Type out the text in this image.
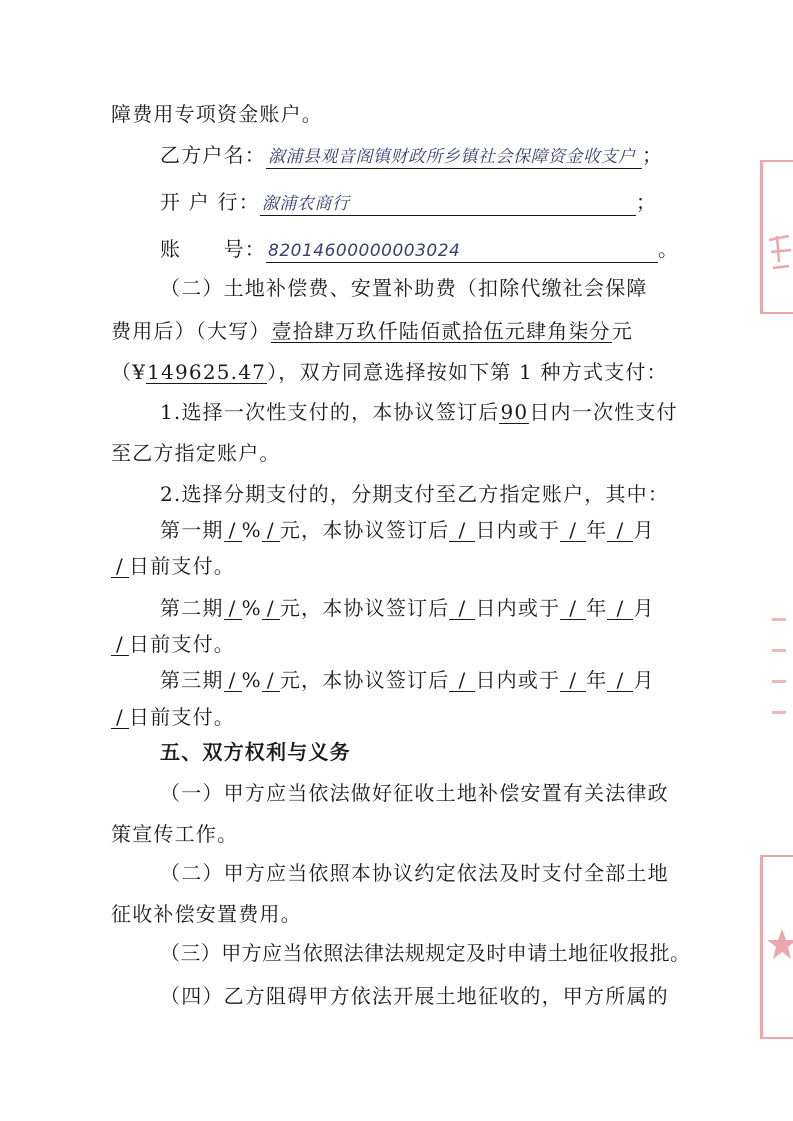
障费用专项资金账户。
乙方户名： 溆浦县观音阁镇财政所乡镇社会保障资金收支户 ；
开 户 行： 溆浦农商行	；
账　　号： 82014600000003024	。
（二）土地补偿费、安置补助费（扣除代缴社会保障
费用后）（大写）壹拾肆万玖仟陆佰贰拾伍元肆角柒分元
（¥149625.47），双方同意选择按如下第 1 种方式支付：
1.选择一次性支付的，本协议签订后90日内一次性支付
至乙方指定账户。
2.选择分期支付的，分期支付至乙方指定账户，其中：
第一期 / % / 元，本协议签订后 / 日内或于 / 年 / 月
/ 日前支付。
第二期 / % / 元，本协议签订后 / 日内或于 / 年 / 月
/ 日前支付。
第三期 / % / 元，本协议签订后 / 日内或于 / 年 / 月
/ 日前支付。
五、双方权利与义务
（一）甲方应当依法做好征收土地补偿安置有关法律政
策宣传工作。
（二）甲方应当依照本协议约定依法及时支付全部土地
征收补偿安置费用。
（三）甲方应当依照法律法规规定及时申请土地征收报批。
（四）乙方阻碍甲方依法开展土地征收的，甲方所属的
